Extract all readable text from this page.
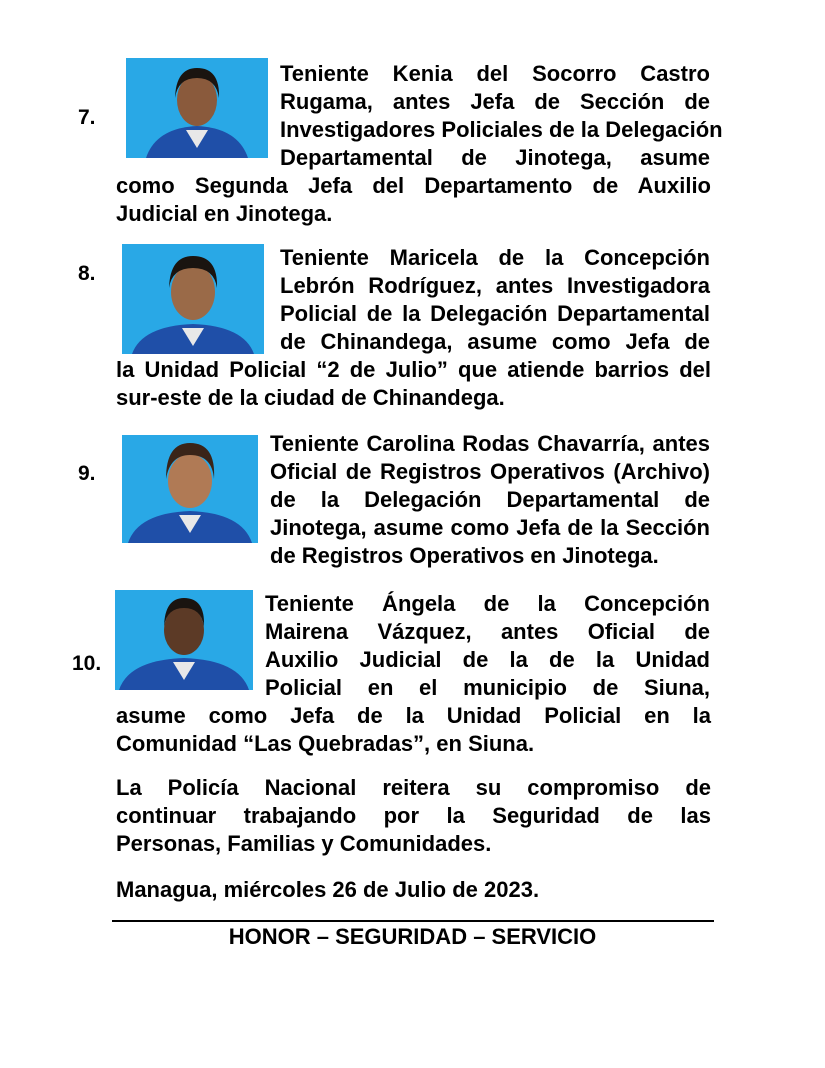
7.
Teniente Kenia del Socorro Castro
Rugama, antes Jefa de Sección de
Investigadores Policiales de la Delegación
Departamental de Jinotega, asume
como Segunda Jefa del Departamento de Auxilio
Judicial en Jinotega.
8.
Teniente Maricela de la Concepción
Lebrón Rodríguez, antes Investigadora
Policial de la Delegación Departamental
de Chinandega, asume como Jefa de
la Unidad Policial “2 de Julio” que atiende barrios del
sur-este de la ciudad de Chinandega.
9.
Teniente Carolina Rodas Chavarría, antes
Oficial de Registros Operativos (Archivo)
de la Delegación Departamental de
Jinotega, asume como Jefa de la Sección
de Registros Operativos en Jinotega.
10.
Teniente Ángela de la Concepción
Mairena Vázquez, antes Oficial de
Auxilio Judicial de la de la Unidad
Policial en el municipio de Siuna,
asume como Jefa de la Unidad Policial en la
Comunidad “Las Quebradas”, en Siuna.
La Policía Nacional reitera su compromiso de
continuar trabajando por la Seguridad de las
Personas, Familias y Comunidades.
Managua, miércoles 26 de Julio de 2023.
HONOR – SEGURIDAD – SERVICIO
